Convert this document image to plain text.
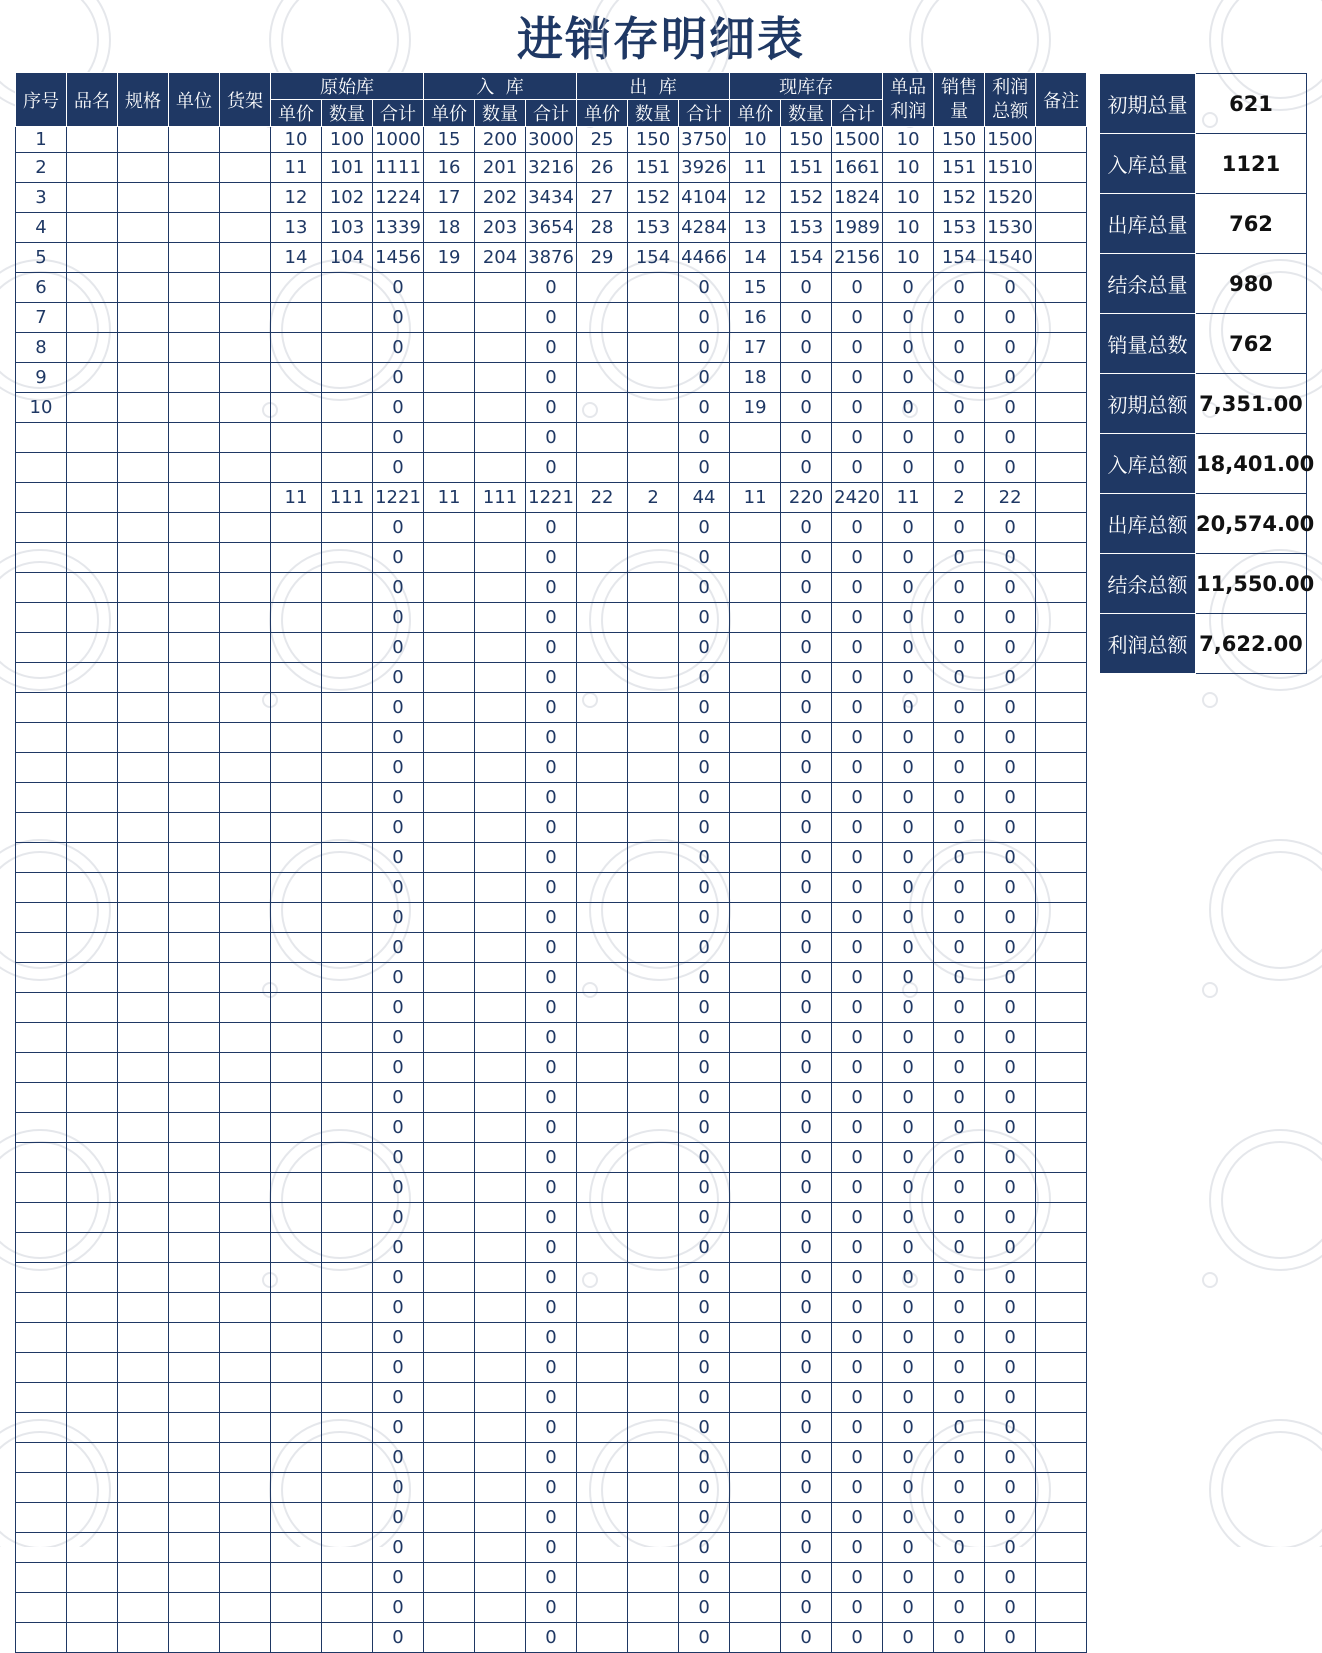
进销存明细表
序号	品名	规格	单位	货架	原始库			入  库			出  库			现库存			单品利润	销售量	利润总额	备注
					单价	数量	合计	单价	数量	合计	单价	数量	合计	单价	数量	合计				
1					10	100	1000	15	200	3000	25	150	3750	10	150	1500	10	150	1500	
2					11	101	1111	16	201	3216	26	151	3926	11	151	1661	10	151	1510	
3					12	102	1224	17	202	3434	27	152	4104	12	152	1824	10	152	1520	
4					13	103	1339	18	203	3654	28	153	4284	13	153	1989	10	153	1530	
5					14	104	1456	19	204	3876	29	154	4466	14	154	2156	10	154	1540	
6							0			0			0	15	0	0	0	0	0	
7							0			0			0	16	0	0	0	0	0	
8							0			0			0	17	0	0	0	0	0	
9							0			0			0	18	0	0	0	0	0	
10							0			0			0	19	0	0	0	0	0	
							0			0			0		0	0	0	0	0	
							0			0			0		0	0	0	0	0	
					11	111	1221	11	111	1221	22	2	44	11	220	2420	11	2	22	
							0			0			0		0	0	0	0	0	
							0			0			0		0	0	0	0	0	
							0			0			0		0	0	0	0	0	
							0			0			0		0	0	0	0	0	
							0			0			0		0	0	0	0	0	
							0			0			0		0	0	0	0	0	
							0			0			0		0	0	0	0	0	
							0			0			0		0	0	0	0	0	
							0			0			0		0	0	0	0	0	
							0			0			0		0	0	0	0	0	
							0			0			0		0	0	0	0	0	
							0			0			0		0	0	0	0	0	
							0			0			0		0	0	0	0	0	
							0			0			0		0	0	0	0	0	
							0			0			0		0	0	0	0	0	
							0			0			0		0	0	0	0	0	
							0			0			0		0	0	0	0	0	
							0			0			0		0	0	0	0	0	
							0			0			0		0	0	0	0	0	
							0			0			0		0	0	0	0	0	
							0			0			0		0	0	0	0	0	
							0			0			0		0	0	0	0	0	
							0			0			0		0	0	0	0	0	
							0			0			0		0	0	0	0	0	
							0			0			0		0	0	0	0	0	
							0			0			0		0	0	0	0	0	
							0			0			0		0	0	0	0	0	
							0			0			0		0	0	0	0	0	
							0			0			0		0	0	0	0	0	
							0			0			0		0	0	0	0	0	
							0			0			0		0	0	0	0	0	
							0			0			0		0	0	0	0	0	
							0			0			0		0	0	0	0	0	
							0			0			0		0	0	0	0	0	
							0			0			0		0	0	0	0	0	
							0			0			0		0	0	0	0	0	
							0			0			0		0	0	0	0	0	
							0			0			0		0	0	0	0	0	
初期总量	621
入库总量	1121
出库总量	762
结余总量	980
销量总数	762
初期总额	7,351.00
入库总额	18,401.00
出库总额	20,574.00
结余总额	11,550.00
利润总额	7,622.00
